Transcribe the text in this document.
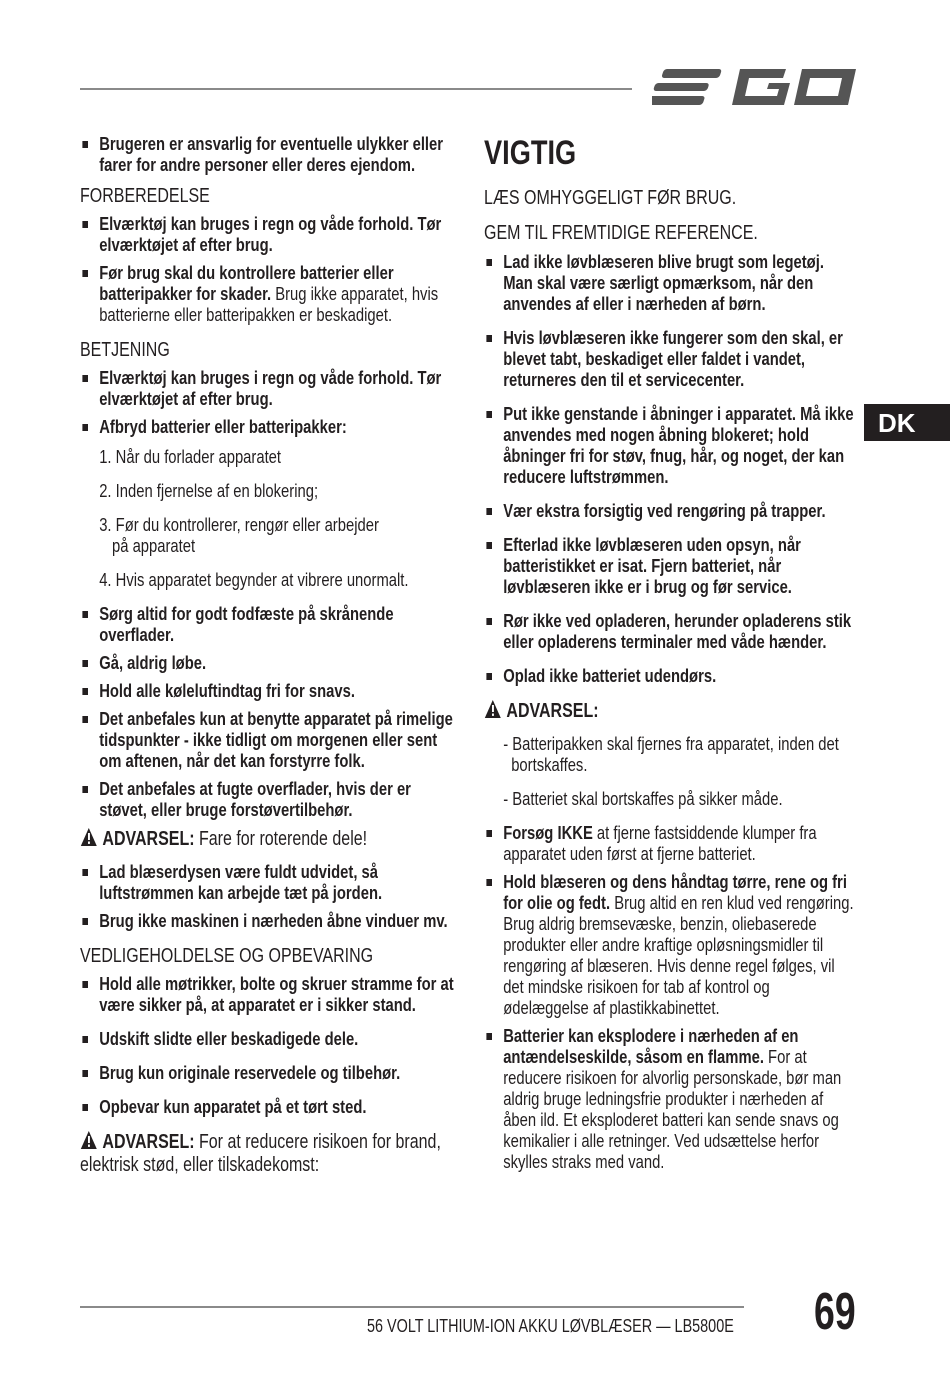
DK
Brugeren er ansvarlig for eventuelle ulykker eller farer for andre personer eller deres ejendom.
FORBEREDELSE
Elværktøj kan bruges i regn og våde forhold. Tør elværktøjet af efter brug.
Før brug skal du kontrollere batterier eller batteripakker for skader. Brug ikke apparatet, hvis batterierne eller batteripakken er beskadiget.
BETJENING
Elværktøj kan bruges i regn og våde forhold. Tør elværktøjet af efter brug.
Afbryd batterier eller batteripakker:
1. Når du forlader apparatet
2. Inden fjernelse af en blokering;
3. Før du kontrollerer, rengør eller arbejder på apparatet
4. Hvis apparatet begynder at vibrere unormalt.
Sørg altid for godt fodfæste på skrånende overflader.
Gå, aldrig løbe.
Hold alle køleluftindtag fri for snavs.
Det anbefales kun at benytte apparatet på rimelige tidspunkter - ikke tidligt om morgenen eller sent om aftenen, når det kan forstyrre folk.
Det anbefales at fugte overflader, hvis der er støvet, eller bruge forstøvertilbehør.
ADVARSEL: Fare for roterende dele!
Lad blæserdysen være fuldt udvidet, så luftstrømmen kan arbejde tæt på jorden.
Brug ikke maskinen i nærheden åbne vinduer mv.
VEDLIGEHOLDELSE OG OPBEVARING
Hold alle møtrikker, bolte og skruer stramme for at være sikker på, at apparatet er i sikker stand.
Udskift slidte eller beskadigede dele.
Brug kun originale reservedele og tilbehør.
Opbevar kun apparatet på et tørt sted.
ADVARSEL: For at reducere risikoen for brand, elektrisk stød, eller tilskadekomst:
VIGTIG
LÆS OMHYGGELIGT FØR BRUG.
GEM TIL FREMTIDIGE REFERENCE.
Lad ikke løvblæseren blive brugt som legetøj. Man skal være særligt opmærksom, når den anvendes af eller i nærheden af børn.
Hvis løvblæseren ikke fungerer som den skal, er blevet tabt, beskadiget eller faldet i vandet, returneres den til et servicecenter.
Put ikke genstande i åbninger i apparatet. Må ikke anvendes med nogen åbning blokeret; hold åbninger fri for støv, fnug, hår, og noget, der kan reducere luftstrømmen.
Vær ekstra forsigtig ved rengøring på trapper.
Efterlad ikke løvblæseren uden opsyn, når batteristikket er isat. Fjern batteriet, når løvblæseren ikke er i brug og før service.
Rør ikke ved opladeren, herunder opladerens stik eller opladerens terminaler med våde hænder.
Oplad ikke batteriet udendørs.
ADVARSEL:
- Batteripakken skal fjernes fra apparatet, inden det bortskaffes.
- Batteriet skal bortskaffes på sikker måde.
Forsøg IKKE at fjerne fastsiddende klumper fra apparatet uden først at fjerne batteriet.
Hold blæseren og dens håndtag tørre, rene og fri for olie og fedt. Brug altid en ren klud ved rengøring. Brug aldrig bremsevæske, benzin, oliebaserede produkter eller andre kraftige opløsningsmidler til rengøring af blæseren. Hvis denne regel følges, vil det mindske risikoen for tab af kontrol og ødelæggelse af plastikkabinettet.
Batterier kan eksplodere i nærheden af en antændelseskilde, såsom en flamme. For at reducere risikoen for alvorlig personskade, bør man aldrig bruge ledningsfrie produkter i nærheden af åben ild. Et eksploderet batteri kan sende snavs og kemikalier i alle retninger. Ved udsættelse herfor skylles straks med vand.
56 VOLT LITHIUM-ION AKKU LØVBLÆSER — LB5800E 69
